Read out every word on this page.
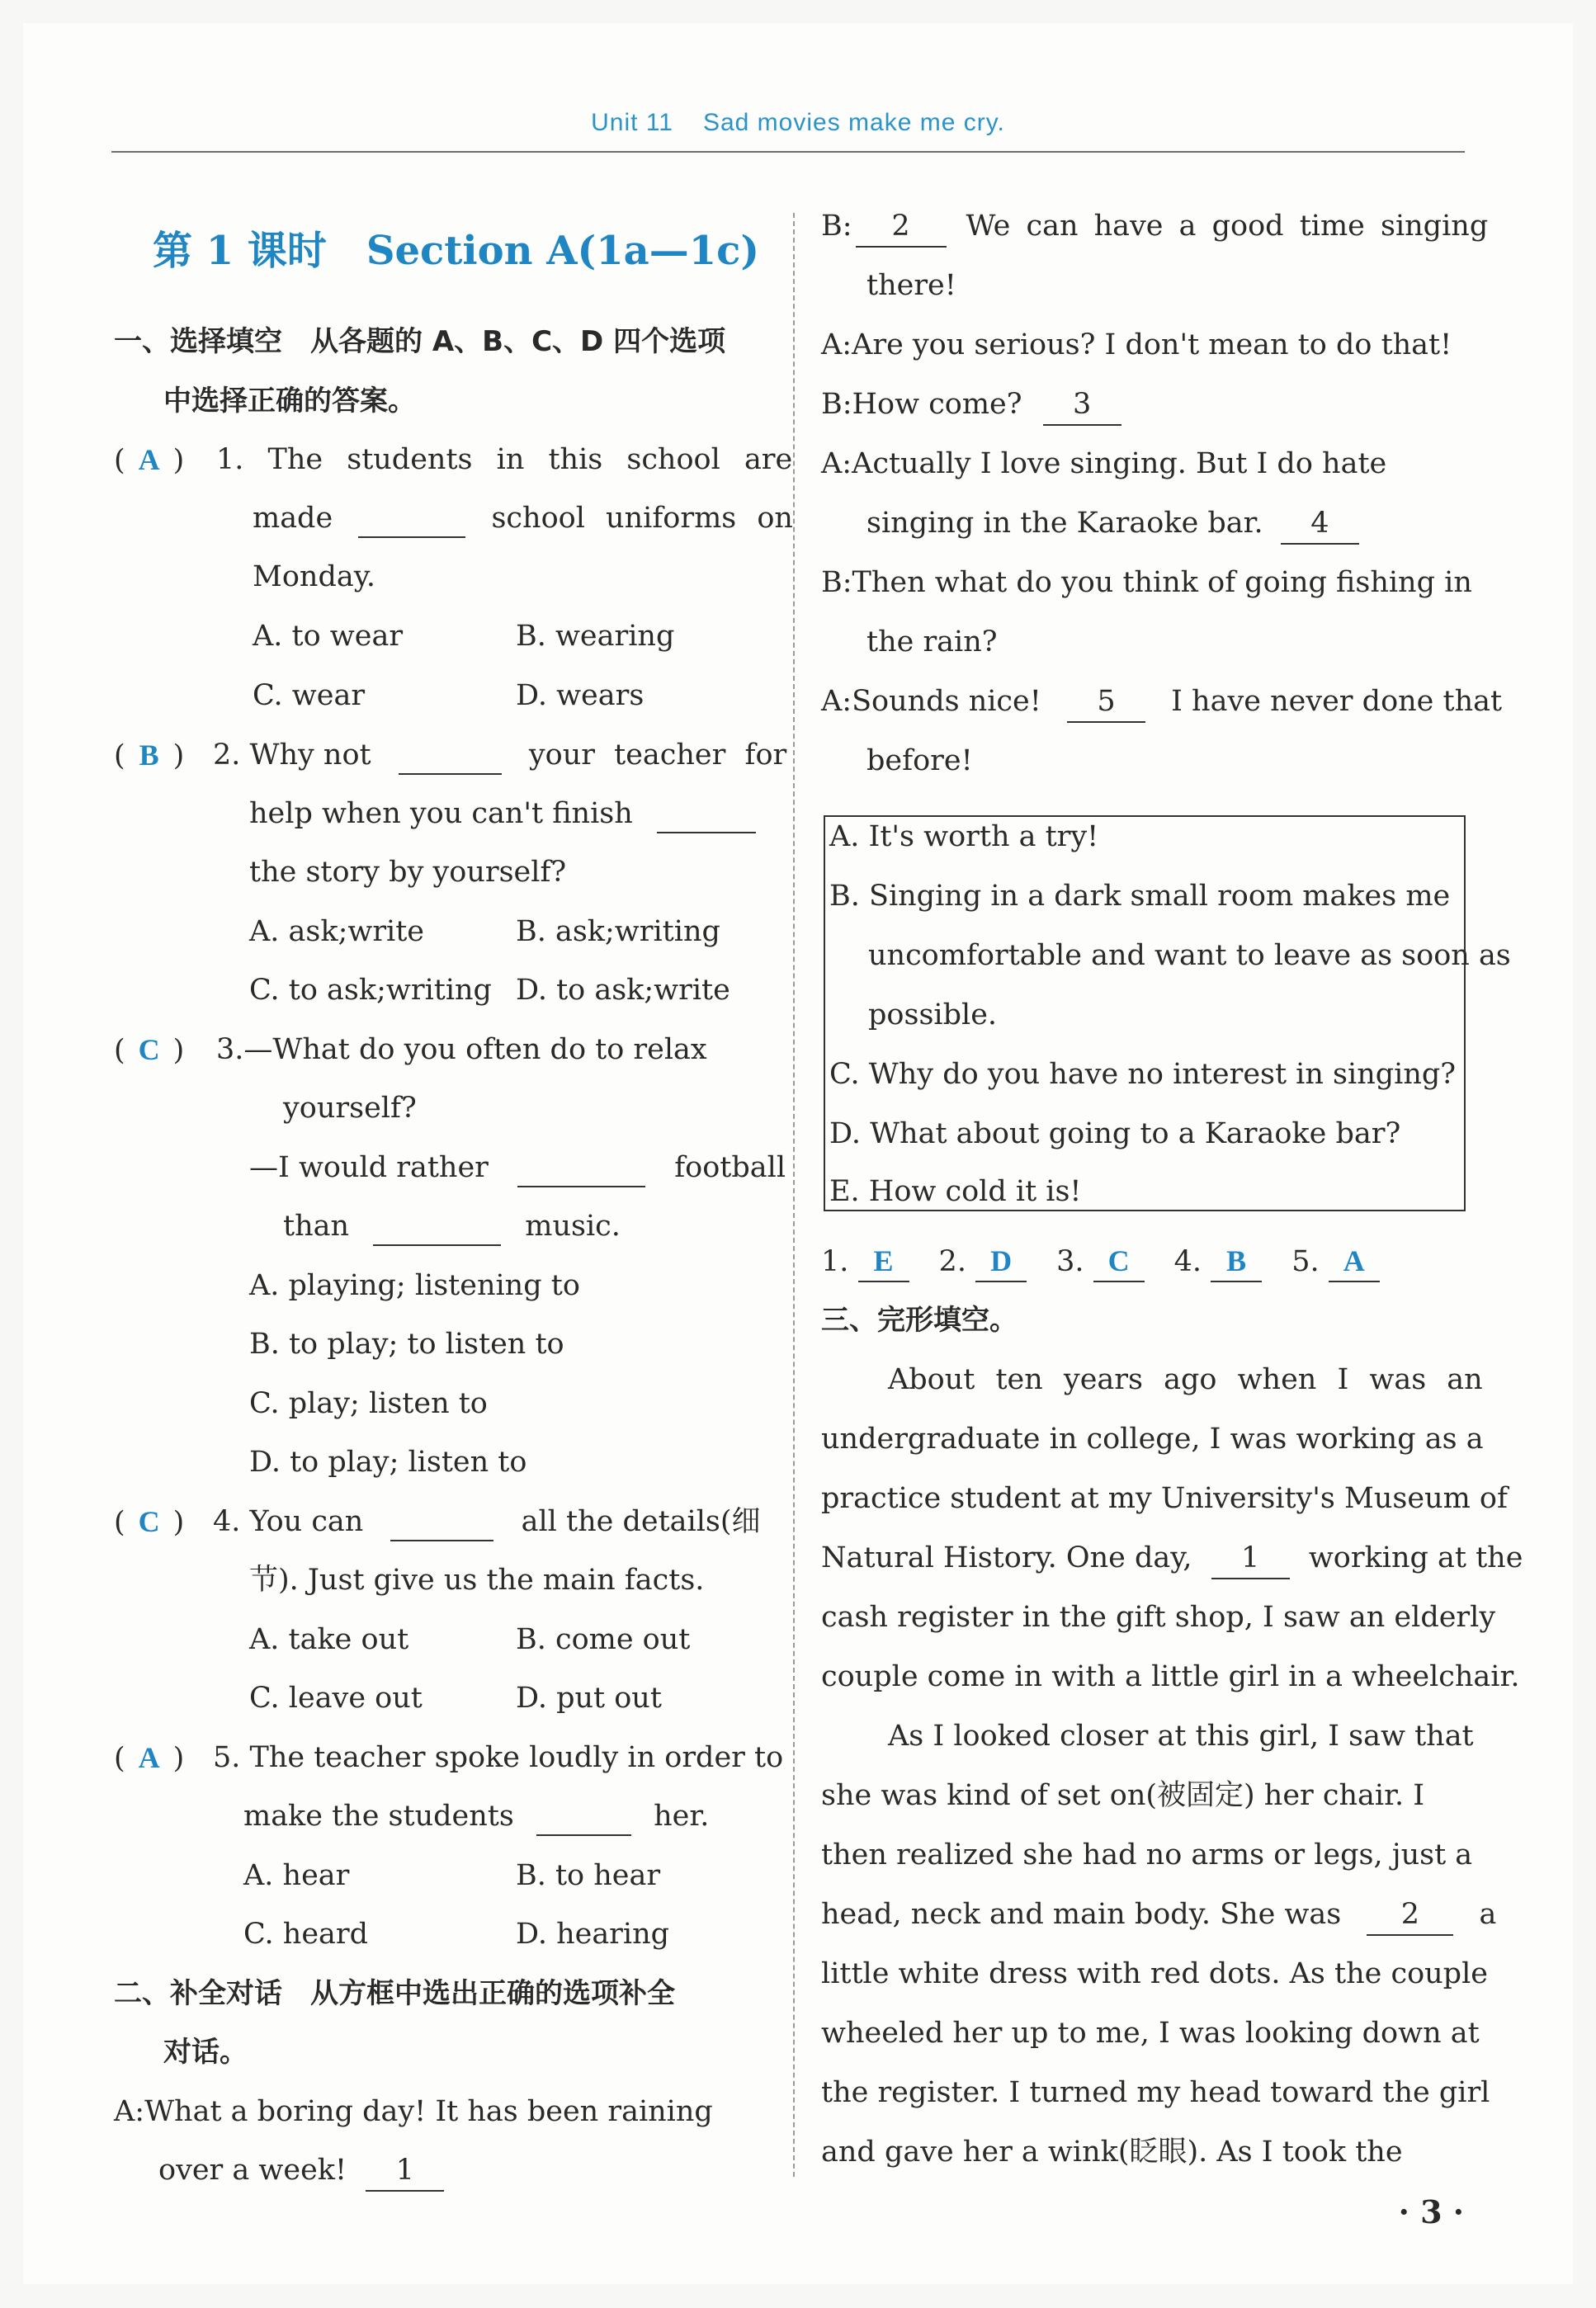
Unit 11 Sad movies make me cry.
第 1 课时　Section A(1a—1c)
一、选择填空　从各题的 A、B、C、D 四个选项
中选择正确的答案。
( A ) 1. The students in this school are
made	school uniforms on
Monday.
A. to wear	B. wearing
C. wear	D. wears
( B ) 2. Why not	your teacher for
help when you can't finish
the story by yourself?
A. ask;write	B. ask;writing
C. to ask;writing D. to ask;write
( C ) 3.—What do you often do to relax
yourself?
—I would rather	football
than	music.
A. playing; listening to
B. to play; to listen to
C. play; listen to
D. to play; listen to
( C ) 4. You can	all the details(细
节). Just give us the main facts.
A. take out	B. come out
C. leave out	D. put out
( A ) 5. The teacher spoke loudly in order to
make the students	her.
A. hear	B. to hear
C. heard	D. hearing
二、补全对话　从方框中选出正确的选项补全
对话。
A:What a boring day! It has been raining
over a week! 1
B: 2 We can have a good time singing
there!
A:Are you serious? I don't mean to do that!
B:How come? 3
A:Actually I love singing. But I do hate
singing in the Karaoke bar. 4
B:Then what do you think of going fishing in
the rain?
A:Sounds nice! 5 I have never done that
before!
A. It's worth a try!
B. Singing in a dark small room makes me
uncomfortable and want to leave as soon as
possible.
C. Why do you have no interest in singing?
D. What about going to a Karaoke bar?
E. How cold it is!
1. E 2. D 3. C 4. B 5. A
三、完形填空。
About ten years ago when I was an
undergraduate in college, I was working as a
practice student at my University's Museum of
Natural History. One day, 1 working at the
cash register in the gift shop, I saw an elderly
couple come in with a little girl in a wheelchair.
As I looked closer at this girl, I saw that
she was kind of set on(被固定) her chair. I
then realized she had no arms or legs, just a
head, neck and main body. She was 2 a
little white dress with red dots. As the couple
wheeled her up to me, I was looking down at
the register. I turned my head toward the girl
and gave her a wink(眨眼). As I took the
· 3 ·
